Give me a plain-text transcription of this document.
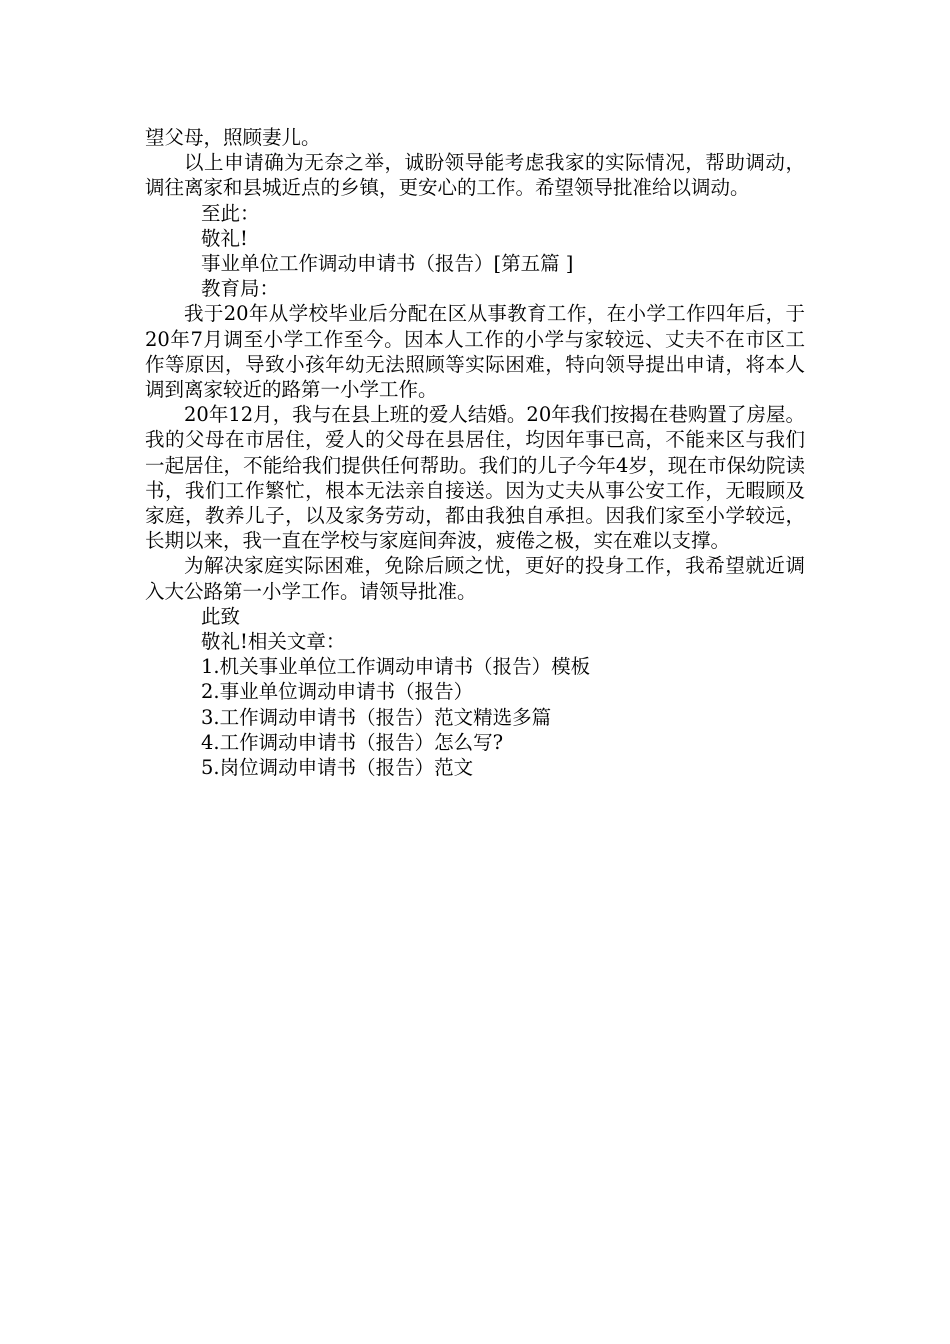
望父母，照顾妻儿。

以上申请确为无奈之举，诚盼领导能考虑我家的实际情况，帮助调动，调往离家和县城近点的乡镇，更安心的工作。希望领导批准给以调动。

至此：

敬礼!

事业单位工作调动申请书（报告）[第五篇 ]

教育局：

我于20年从学校毕业后分配在区从事教育工作，在小学工作四年后，于20年7月调至小学工作至今。因本人工作的小学与家较远、丈夫不在市区工作等原因，导致小孩年幼无法照顾等实际困难，特向领导提出申请，将本人调到离家较近的路第一小学工作。

20年12月，我与在县上班的爱人结婚。20年我们按揭在巷购置了房屋。我的父母在市居住，爱人的父母在县居住，均因年事已高，不能来区与我们一起居住，不能给我们提供任何帮助。我们的儿子今年4岁，现在市保幼院读书，我们工作繁忙，根本无法亲自接送。因为丈夫从事公安工作，无暇顾及家庭，教养儿子，以及家务劳动，都由我独自承担。因我们家至小学较远，长期以来，我一直在学校与家庭间奔波，疲倦之极，实在难以支撑。

为解决家庭实际困难，免除后顾之忧，更好的投身工作，我希望就近调入大公路第一小学工作。请领导批准。

此致

敬礼!相关文章：

1.机关事业单位工作调动申请书（报告）模板
2.事业单位调动申请书（报告）
3.工作调动申请书（报告）范文精选多篇
4.工作调动申请书（报告）怎么写?
5.岗位调动申请书（报告）范文
